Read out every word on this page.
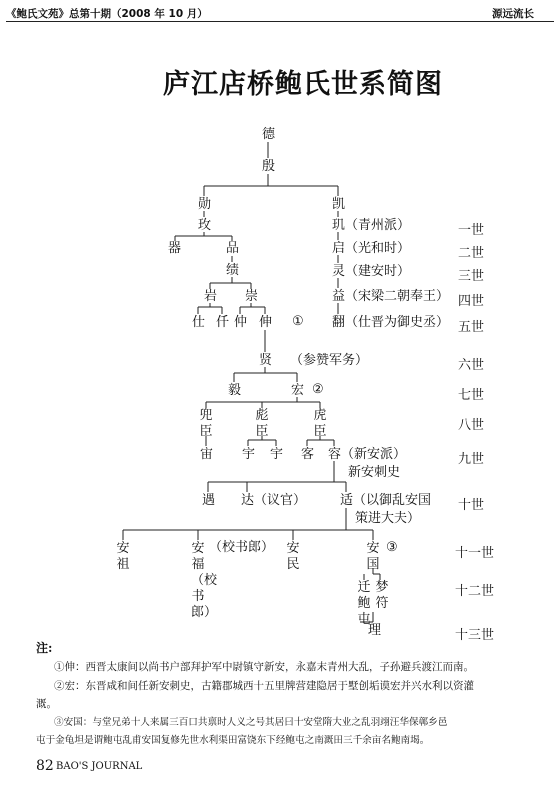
《鲍氏文苑》总第十期（2008 年 10 月）	源远流长
庐江店桥鲍氏世系简图
德
殷
勋
玫
凯
玑（青州派）
器	品	启（光和时）
绩	灵（建安时）
岩 崇	益（宋梁二朝奉王）
仕 仟 仲 伸 ① 翻（仕晋为御史丞）
贤 （参赞军务）
毅	宏 ②
兜臣
彪臣
虎臣
宙 宇 宇 客 容（新安派）
新安刺史
遇 达（议官）	适（以御乱安国
策进大夫）
安祖
安福（校书郎）
（校书郎） 安民
安国
③
迁鲍屯
梦符
理
一世
二世
三世
四世
五世
六世
七世
八世
九世
十世
十一世
十二世
十三世
注:
①伸：西晋太康间以尚书户部拜护军中尉镇守新安，永嘉末青州大乱，子孙避兵渡江而南。
②宏：东晋咸和间任新安刺史，古籍郡城西十五里牌营建隐居于墅创垢谟宏并兴水利以资灌
溉。
③安国：与堂兄弟十人来属三百口共禀时人义之号其居曰十安堂隋大业之乱羽翊汪华保鄣乡邑
屯于金龟坦是谓鲍屯乱甫安国复修先世水利渠田富饶东下经鲍屯之南溉田三千余亩名鲍南堨。
82 BAO'S JOURNAL
